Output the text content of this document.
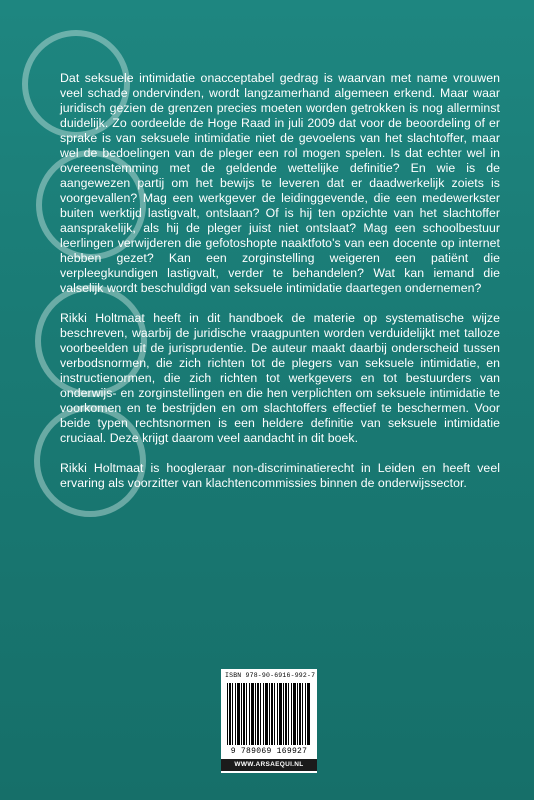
Dat seksuele intimidatie onacceptabel gedrag is waarvan met name vrouwen veel schade ondervinden, wordt langzamerhand algemeen erkend. Maar waar juridisch gezien de grenzen precies moeten worden getrokken is nog allerminst duidelijk. Zo oordeelde de Hoge Raad in juli 2009 dat voor de beoordeling of er sprake is van seksuele intimidatie niet de gevoelens van het slachtoffer, maar wel de bedoelingen van de pleger een rol mogen spelen. Is dat echter wel in overeenstemming met de geldende wettelijke definitie? En wie is de aangewezen partij om het bewijs te leveren dat er daadwerkelijk zoiets is voorgevallen? Mag een werkgever de leidinggevende, die een medewerkster buiten werktijd lastigvalt, ontslaan? Of is hij ten opzichte van het slachtoffer aansprakelijk, als hij de pleger juist niet ontslaat? Mag een schoolbestuur leerlingen verwijderen die gefotoshopte naaktfoto's van een docente op internet hebben gezet? Kan een zorginstelling weigeren een patiënt die verpleegkundigen lastigvalt, verder te behandelen? Wat kan iemand die valselijk wordt beschuldigd van seksuele intimidatie daartegen ondernemen?

Rikki Holtmaat heeft in dit handboek de materie op systematische wijze beschreven, waarbij de juridische vraagpunten worden verduidelijkt met talloze voorbeelden uit de jurisprudentie. De auteur maakt daarbij onderscheid tussen verbodsnormen, die zich richten tot de plegers van seksuele intimidatie, en instructienormen, die zich richten tot werkgevers en tot bestuurders van onderwijs- en zorginstellingen en die hen verplichten om seksuele intimidatie te voorkomen en te bestrijden en om slachtoffers effectief te beschermen. Voor beide typen rechtsnormen is een heldere definitie van seksuele intimidatie cruciaal. Deze krijgt daarom veel aandacht in dit boek.

Rikki Holtmaat is hoogleraar non-discriminatierecht in Leiden en heeft veel ervaring als voorzitter van klachtencommissies binnen de onderwijssector.

ISBN 978-90-6916-992-7
9 789069 169927
WWW.ARSAEQUI.NL
